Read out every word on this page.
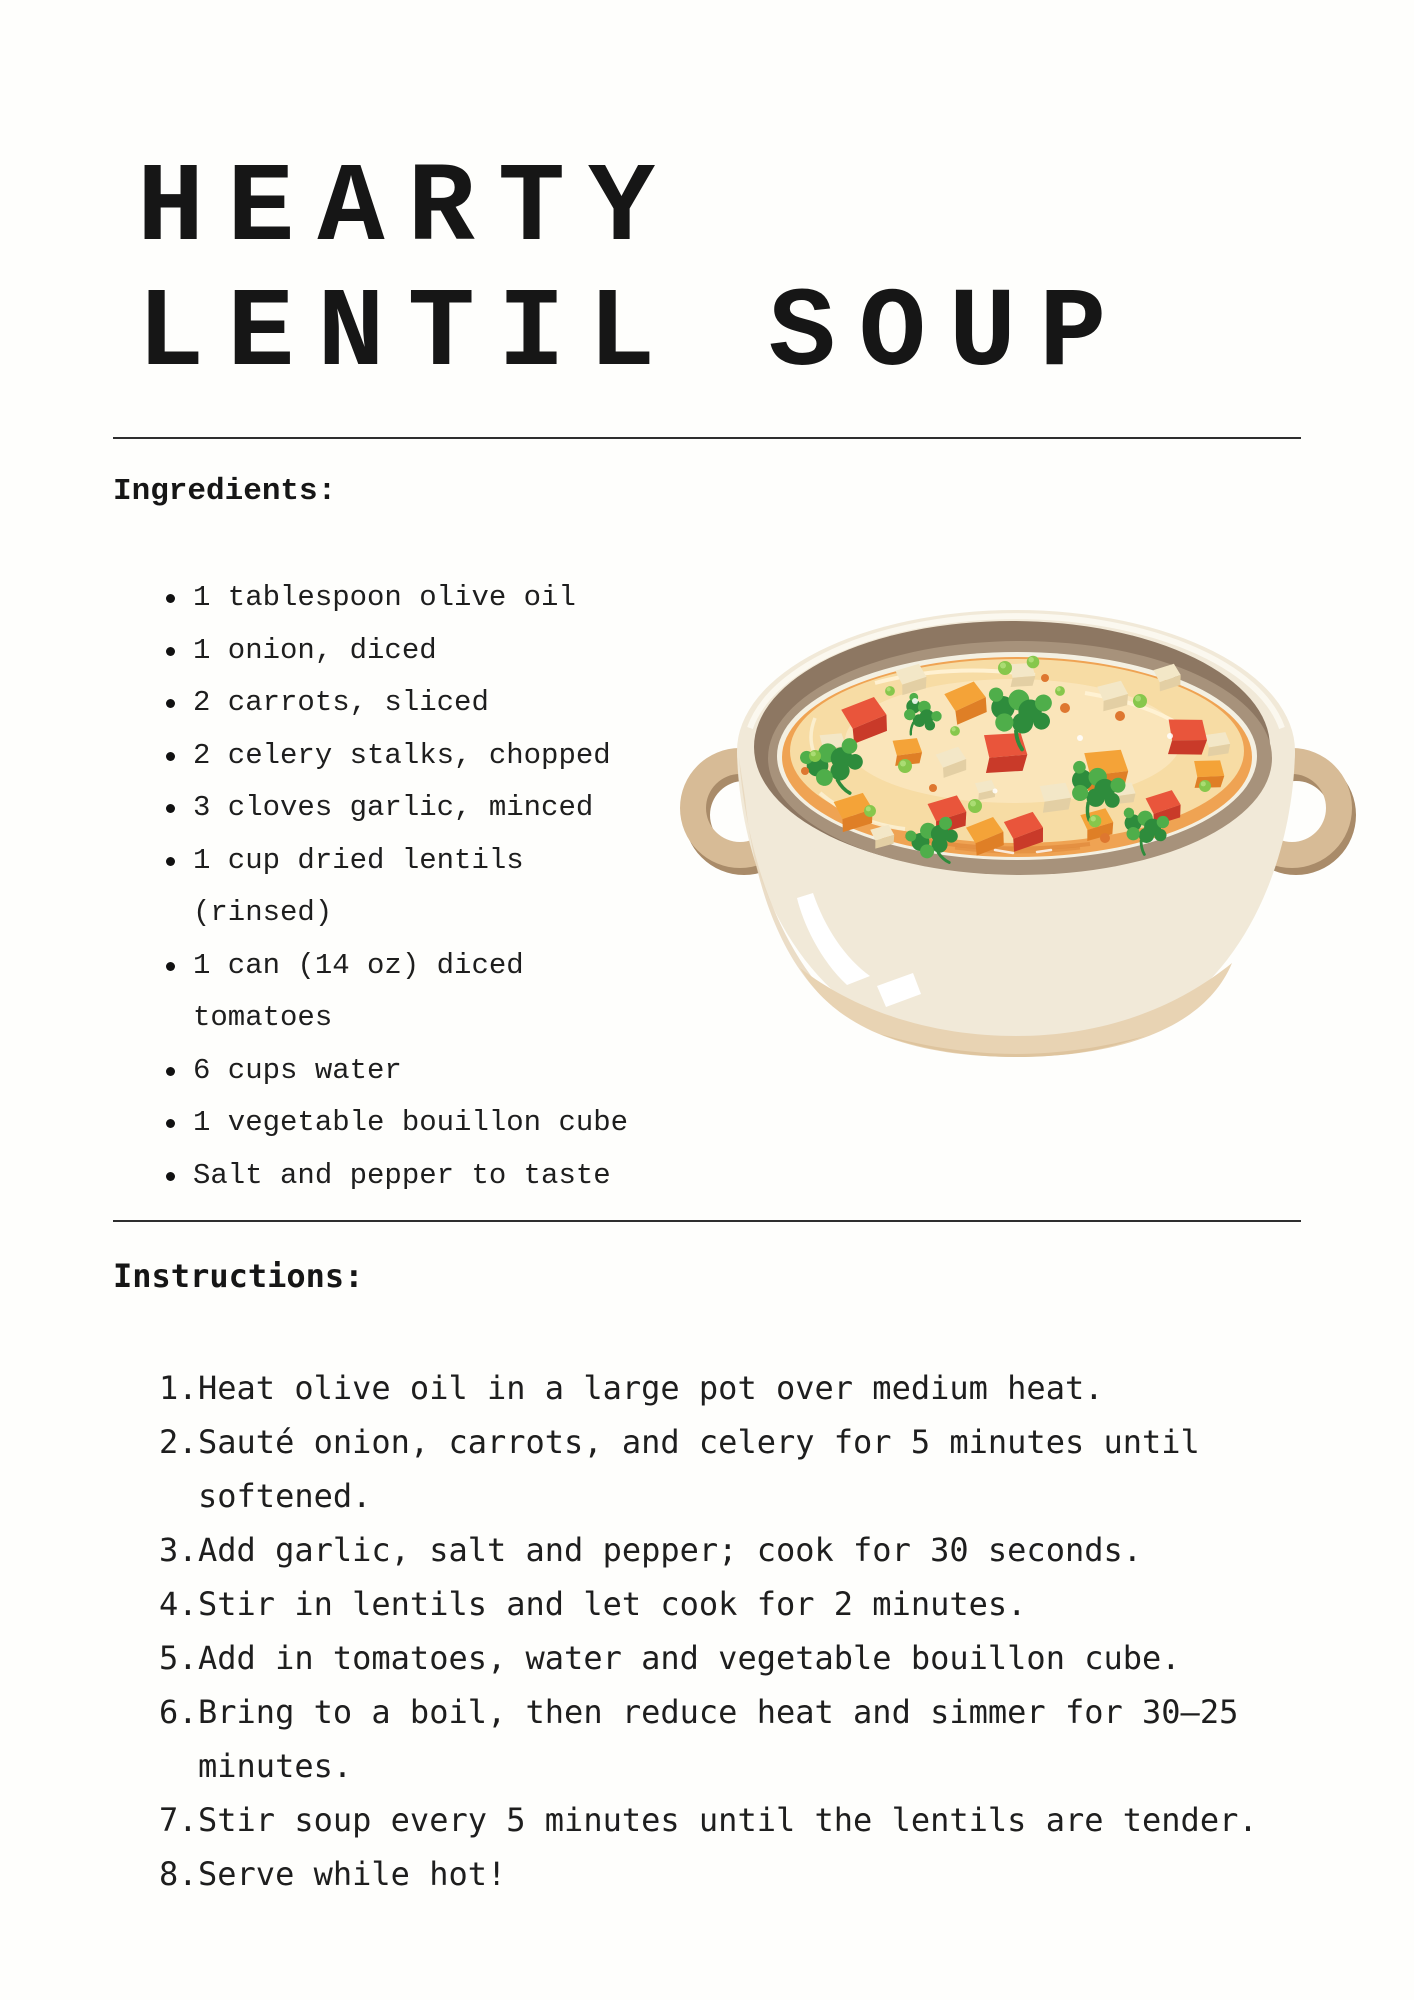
HEARTY
LENTIL SOUP
Ingredients:
1 tablespoon olive oil
1 onion, diced
2 carrots, sliced
2 celery stalks, chopped
3 cloves garlic, minced
1 cup dried lentils (rinsed)
1 can (14 oz) diced tomatoes
6 cups water
1 vegetable bouillon cube
Salt and pepper to taste
Instructions:
1. Heat olive oil in a large pot over medium heat.
2. Sauté onion, carrots, and celery for 5 minutes until softened.
3. Add garlic, salt and pepper; cook for 30 seconds.
4. Stir in lentils and let cook for 2 minutes.
5. Add in tomatoes, water and vegetable bouillon cube.
6. Bring to a boil, then reduce heat and simmer for 30–25 minutes.
7. Stir soup every 5 minutes until the lentils are tender.
8. Serve while hot!
